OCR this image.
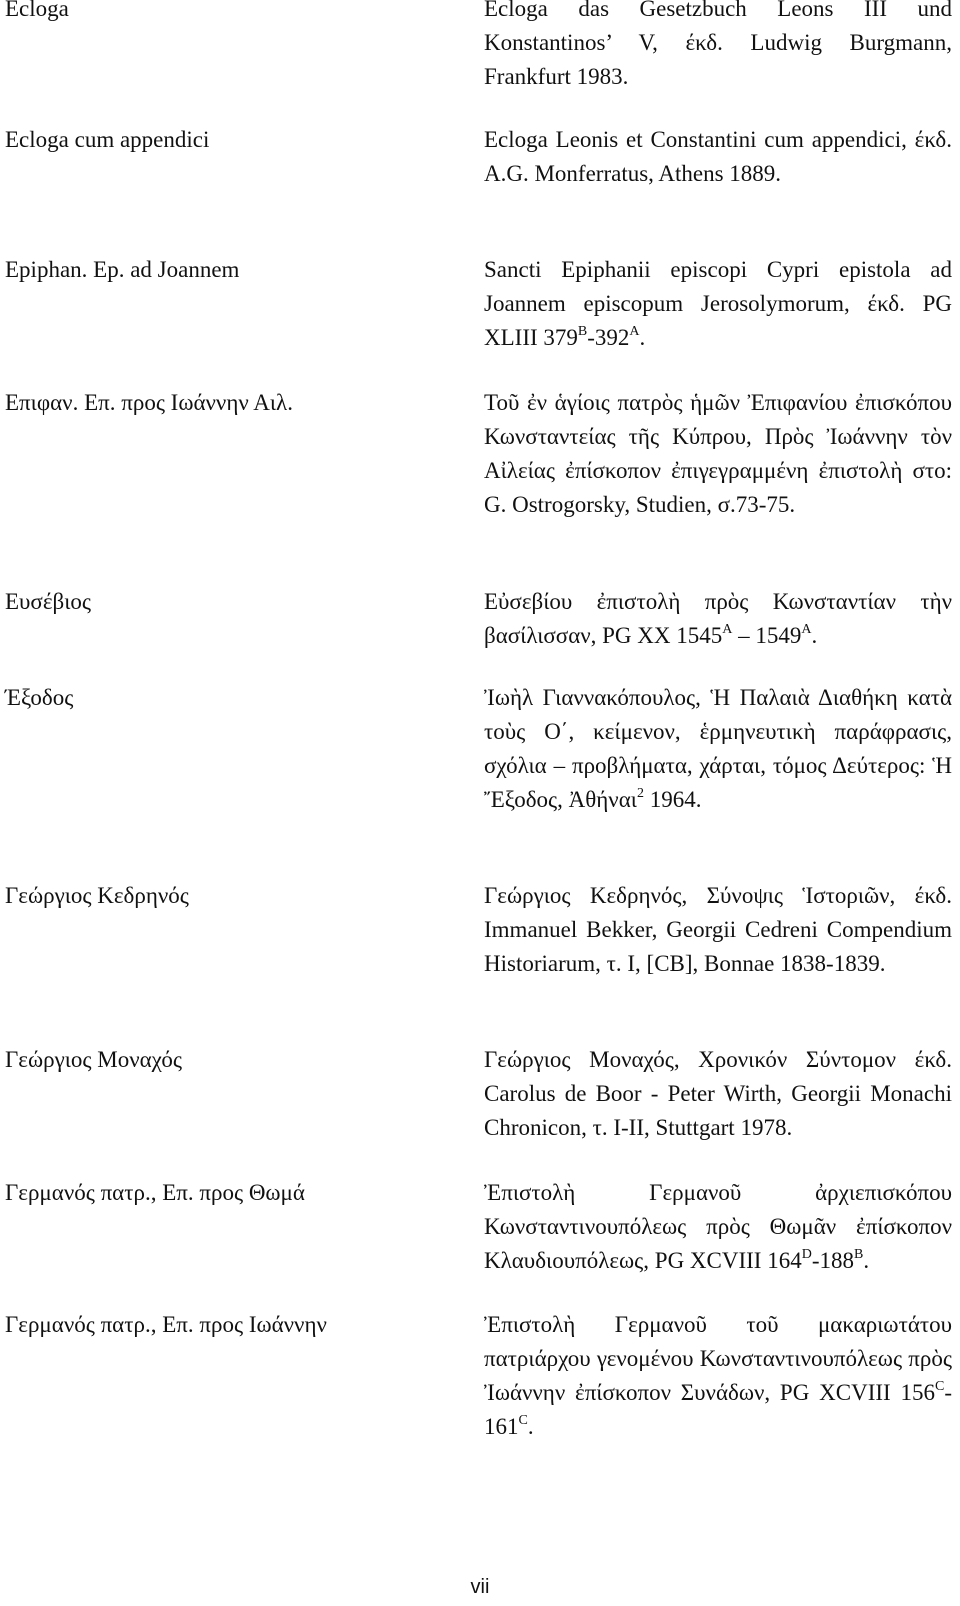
Ecloga	Ecloga das Gesetzbuch Leons III und Konstantinos’ V, έκδ. Ludwig Burgmann, Frankfurt 1983.
Ecloga cum appendici	Ecloga Leonis et Constantini cum appendici, έκδ. A.G. Monferratus, Athens 1889.
Epiphan. Ep. ad Joannem	Sancti Epiphanii episcopi Cypri epistola ad Joannem episcopum Jerosolymorum, έκδ. PG XLIII $379^B-392^A$.
Επιφαν. Επ. προς Ιωάννην Αιλ.	Τοῦ ἐν ἁγίοις πατρὸς ἡμῶν Ἐπιφανίου ἐπισκόπου Κωνσταντείας τῆς Κύπρου, Πρὸς Ἰωάννην τὸν Αἰλείας ἐπίσκοπον ἐπιγεγραμμένη ἐπιστολὴ στο: G. Ostrogorsky, Studien, σ.73-75.
Ευσέβιος	Εὐσεβίου ἐπιστολὴ πρὸς Κωνσταντίαν τὴν βασίλισσαν, PG XX $1545^A - 1549^A$.
Έξοδος	Ἰωὴλ Γιαννακόπουλος, Ἡ Παλαιὰ Διαθήκη κατὰ τοὺς Ο΄, κείμενον, ἑρμηνευτικὴ παράφρασις, σχόλια – προβλήματα, χάρται, τόμος Δεύτερος: Ἡ Ἔξοδος, Ἀθήναι$^2$ 1964.
Γεώργιος Κεδρηνός	Γεώργιος Κεδρηνός, Σύνοψις Ἱστοριῶν, έκδ. Immanuel Bekker, Georgii Cedreni Compendium Historiarum, τ. I, [CB], Bonnae 1838-1839.
Γεώργιος Μοναχός	Γεώργιος Μοναχός, Χρονικόν Σύντομον έκδ. Carolus de Boor - Peter Wirth, Georgii Monachi Chronicon, τ. I-II, Stuttgart 1978.
Γερμανός πατρ., Επ. προς Θωμά	Ἐπιστολὴ Γερμανοῦ ἀρχιεπισκόπου Κωνσταντινουπόλεως πρὸς Θωμᾶν ἐπίσκοπον Κλαυδιουπόλεως, PG XCVIII $164^D-188^B$.
Γερμανός πατρ., Επ. προς Ιωάννην	Ἐπιστολὴ Γερμανοῦ τοῦ μακαριωτάτου πατριάρχου γενομένου Κωνσταντινουπόλεως πρὸς Ἰωάννην ἐπίσκοπον Συνάδων, PG XCVIII $156^C-161^C$.
vii
